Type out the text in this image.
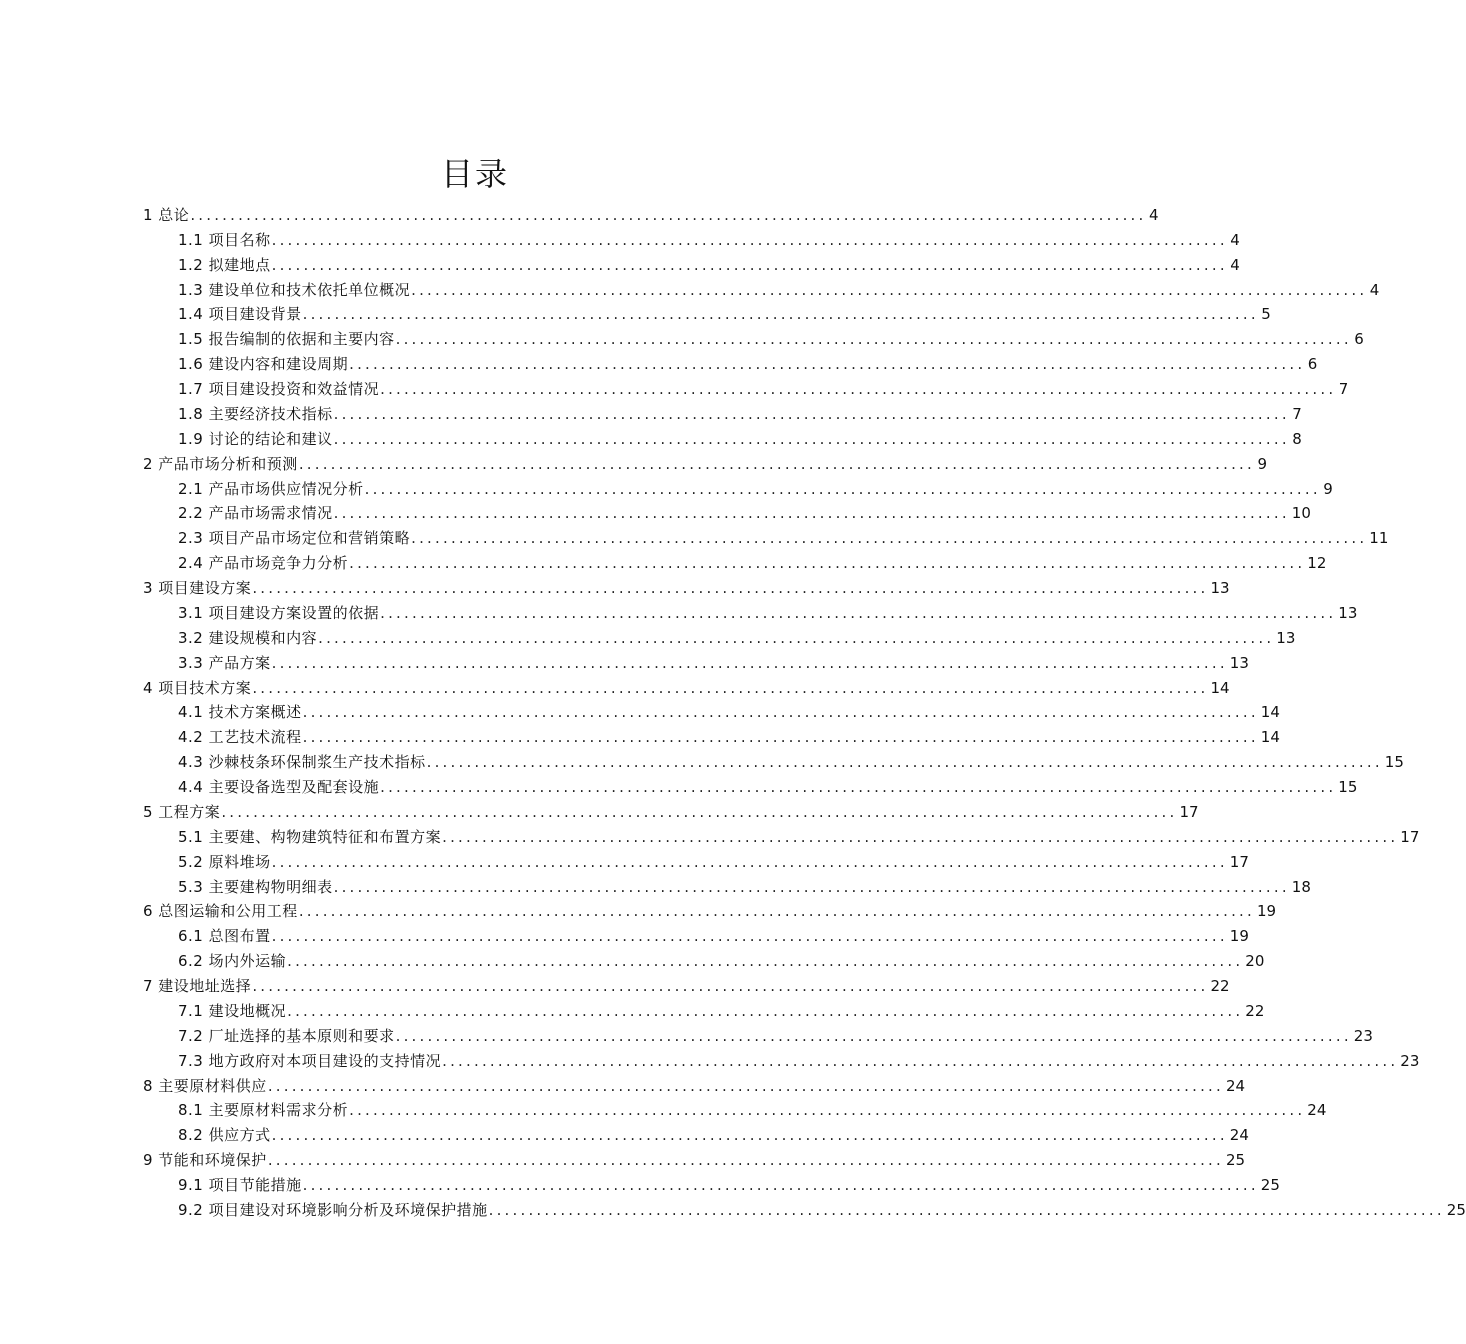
目录
1 总论 ........................................................................................................................ 4
1.1 项目名称 ........................................................................................................................ 4
1.2 拟建地点 ........................................................................................................................ 4
1.3 建设单位和技术依托单位概况 ........................................................................................................................ 4
1.4 项目建设背景 ........................................................................................................................ 5
1.5 报告编制的依据和主要内容 ........................................................................................................................ 6
1.6 建设内容和建设周期 ........................................................................................................................ 6
1.7 项目建设投资和效益情况 ........................................................................................................................ 7
1.8 主要经济技术指标 ........................................................................................................................ 7
1.9 讨论的结论和建议 ........................................................................................................................ 8
2 产品市场分析和预测 ........................................................................................................................ 9
2.1 产品市场供应情况分析 ........................................................................................................................ 9
2.2 产品市场需求情况 ........................................................................................................................ 10
2.3 项目产品市场定位和营销策略 ........................................................................................................................ 11
2.4 产品市场竞争力分析 ........................................................................................................................ 12
3 项目建设方案 ........................................................................................................................ 13
3.1 项目建设方案设置的依据 ........................................................................................................................ 13
3.2 建设规模和内容 ........................................................................................................................ 13
3.3 产品方案 ........................................................................................................................ 13
4 项目技术方案 ........................................................................................................................ 14
4.1 技术方案概述 ........................................................................................................................ 14
4.2 工艺技术流程 ........................................................................................................................ 14
4.3 沙棘枝条环保制浆生产技术指标 ........................................................................................................................ 15
4.4 主要设备选型及配套设施 ........................................................................................................................ 15
5 工程方案 ........................................................................................................................ 17
5.1 主要建、构物建筑特征和布置方案 ........................................................................................................................ 17
5.2 原料堆场 ........................................................................................................................ 17
5.3 主要建构物明细表 ........................................................................................................................ 18
6 总图运输和公用工程 ........................................................................................................................ 19
6.1 总图布置 ........................................................................................................................ 19
6.2 场内外运输 ........................................................................................................................ 20
7 建设地址选择 ........................................................................................................................ 22
7.1 建设地概况 ........................................................................................................................ 22
7.2 厂址选择的基本原则和要求 ........................................................................................................................ 23
7.3 地方政府对本项目建设的支持情况 ........................................................................................................................ 23
8 主要原材料供应 ........................................................................................................................ 24
8.1 主要原材料需求分析 ........................................................................................................................ 24
8.2 供应方式 ........................................................................................................................ 24
9 节能和环境保护 ........................................................................................................................ 25
9.1 项目节能措施 ........................................................................................................................ 25
9.2 项目建设对环境影响分析及环境保护措施 ........................................................................................................................ 25
